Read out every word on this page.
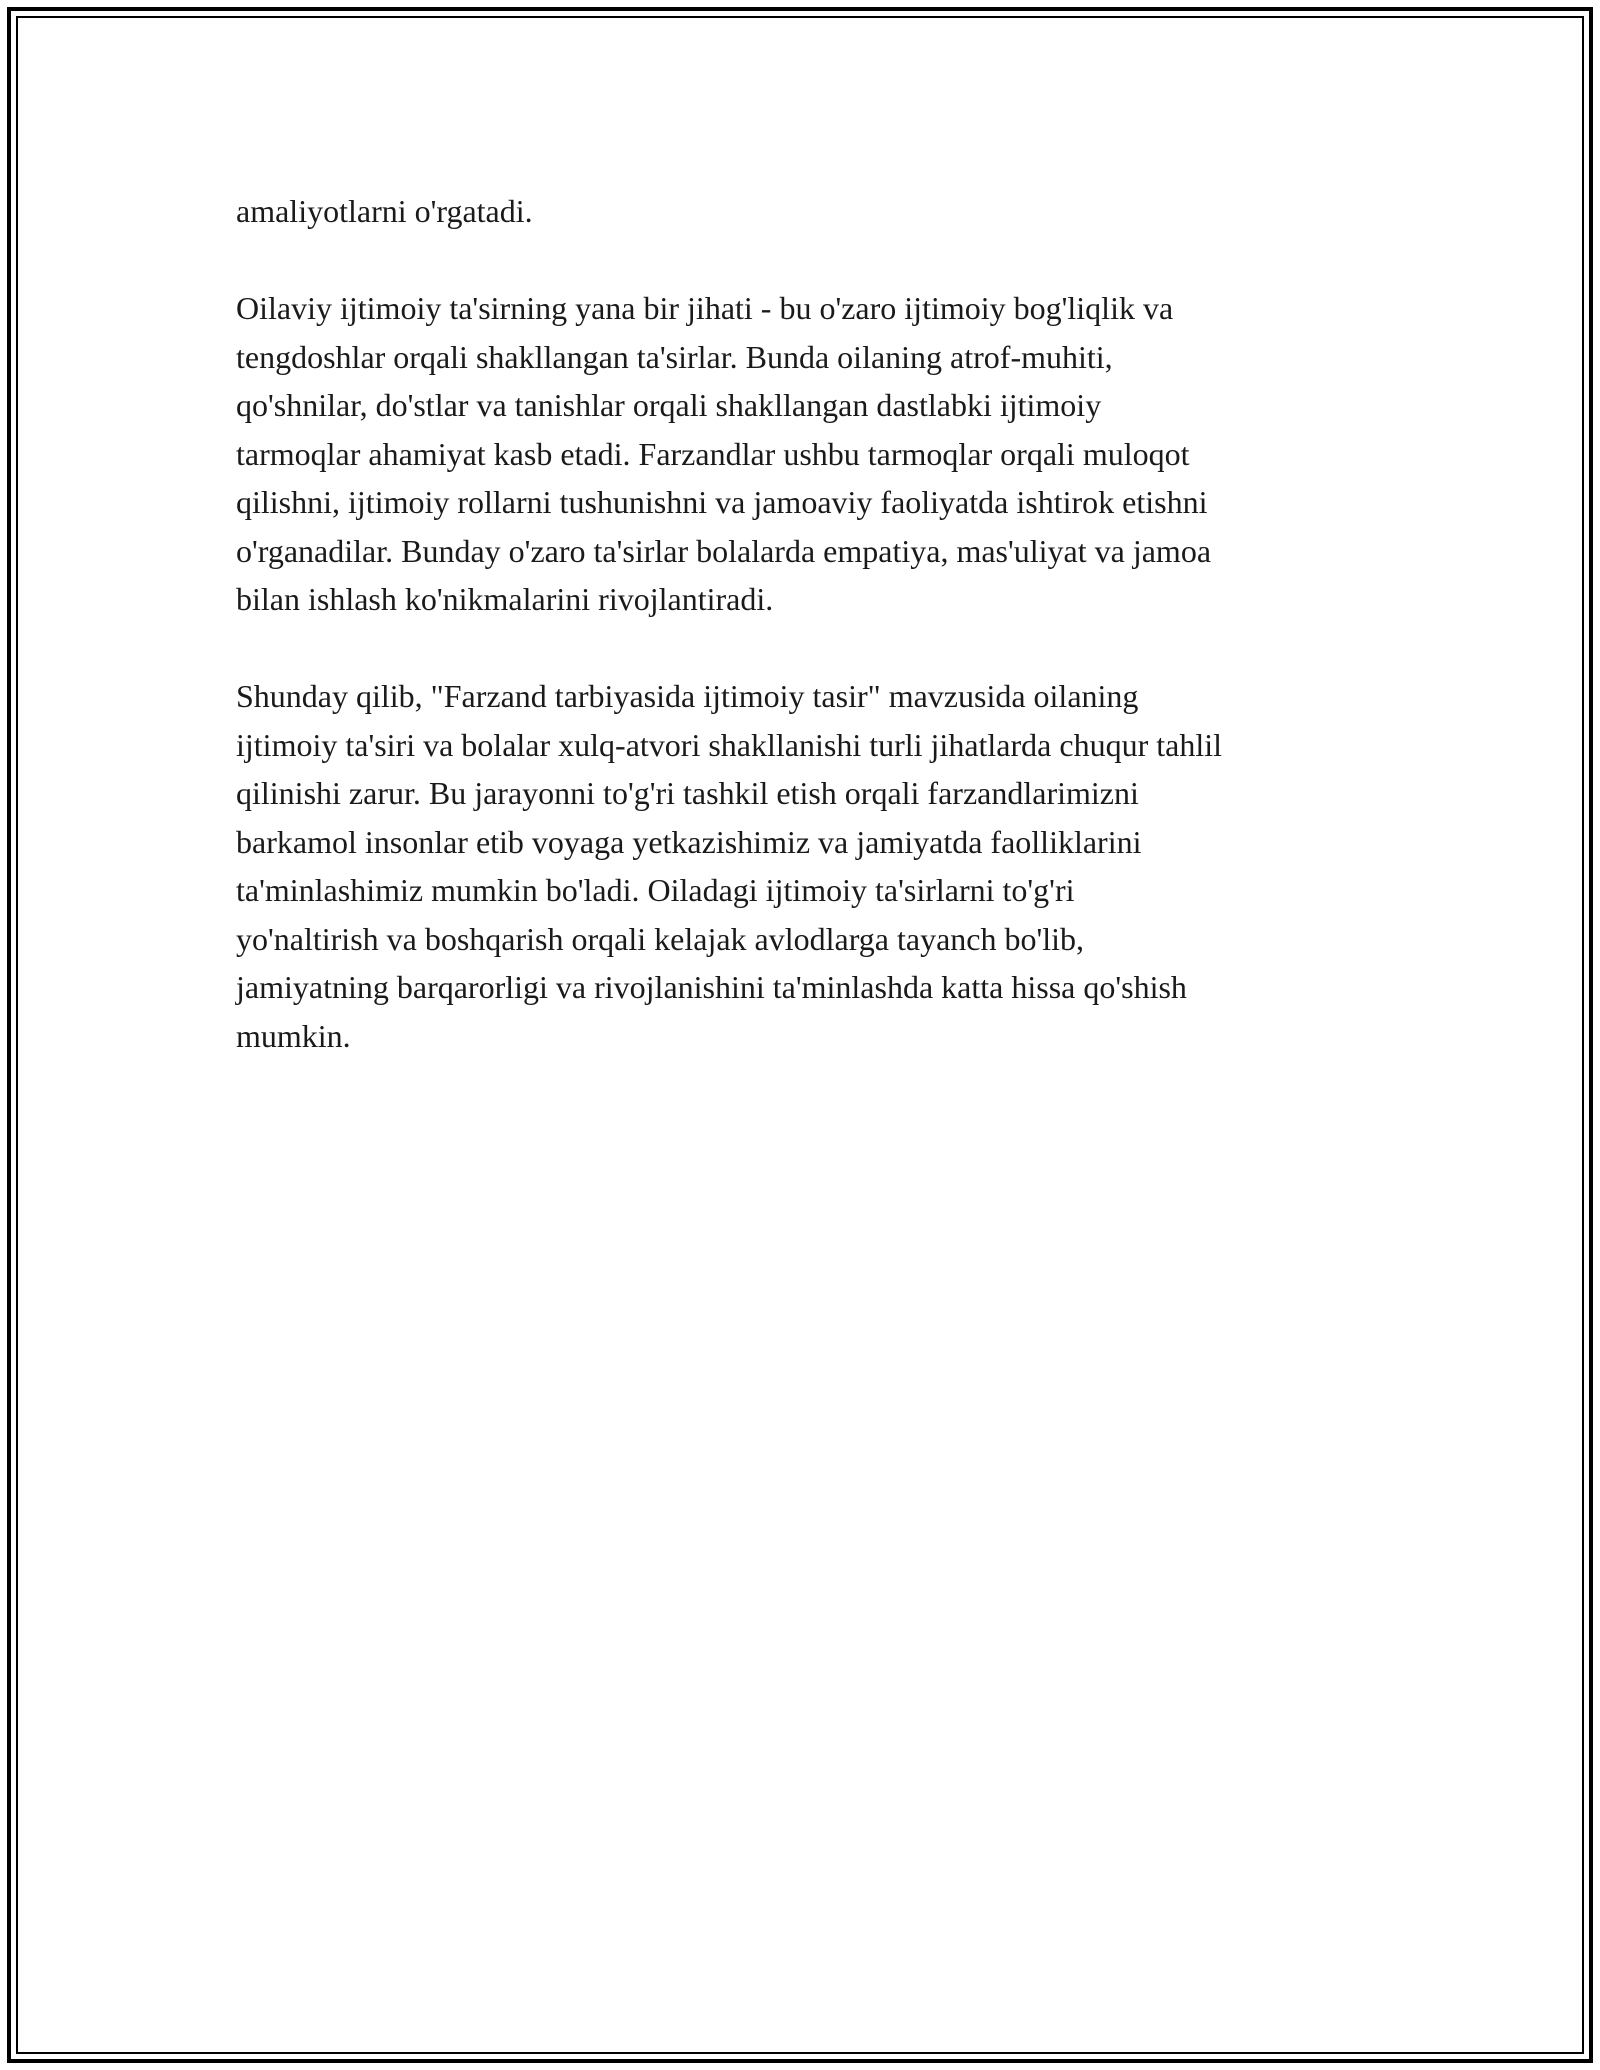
amaliyotlarni o'rgatadi.

Oilaviy ijtimoiy ta'sirning yana bir jihati - bu o'zaro ijtimoiy bog'liqlik va
tengdoshlar orqali shakllangan ta'sirlar. Bunda oilaning atrof-muhiti,
qo'shnilar, do'stlar va tanishlar orqali shakllangan dastlabki ijtimoiy
tarmoqlar ahamiyat kasb etadi. Farzandlar ushbu tarmoqlar orqali muloqot
qilishni, ijtimoiy rollarni tushunishni va jamoaviy faoliyatda ishtirok etishni
o'rganadilar. Bunday o'zaro ta'sirlar bolalarda empatiya, mas'uliyat va jamoa
bilan ishlash ko'nikmalarini rivojlantiradi.

Shunday qilib, "Farzand tarbiyasida ijtimoiy tasir" mavzusida oilaning
ijtimoiy ta'siri va bolalar xulq-atvori shakllanishi turli jihatlarda chuqur tahlil
qilinishi zarur. Bu jarayonni to'g'ri tashkil etish orqali farzandlarimizni
barkamol insonlar etib voyaga yetkazishimiz va jamiyatda faolliklarini
ta'minlashimiz mumkin bo'ladi. Oiladagi ijtimoiy ta'sirlarni to'g'ri
yo'naltirish va boshqarish orqali kelajak avlodlarga tayanch bo'lib,
jamiyatning barqarorligi va rivojlanishini ta'minlashda katta hissa qo'shish
mumkin.
